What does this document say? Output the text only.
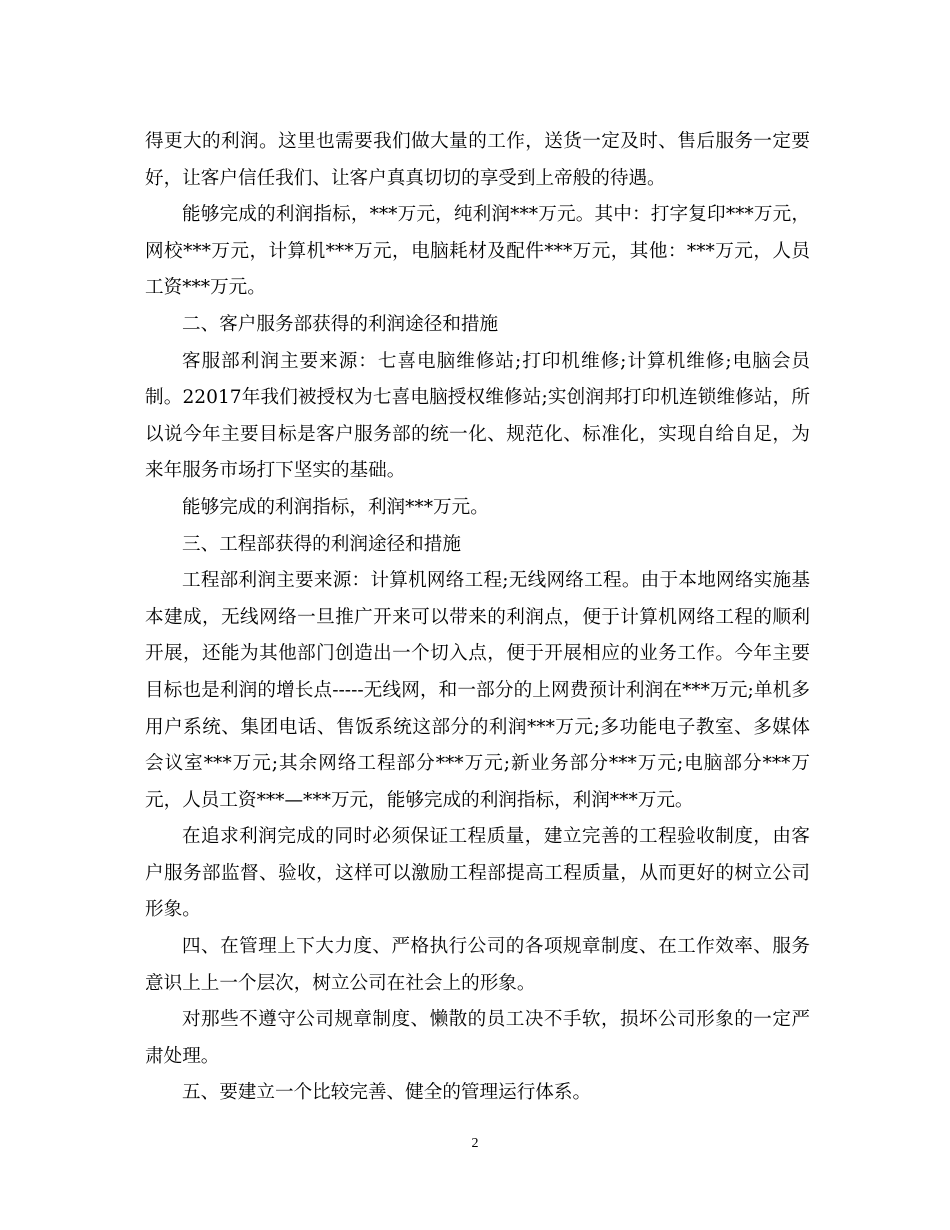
得更大的利润。这里也需要我们做大量的工作，送货一定及时、售后服务一定要好，让客户信任我们、让客户真真切切的享受到上帝般的待遇。

能够完成的利润指标，***万元，纯利润***万元。其中：打字复印***万元，网校***万元，计算机***万元，电脑耗材及配件***万元，其他：***万元，人员工资***万元。

二、客户服务部获得的利润途径和措施

客服部利润主要来源：七喜电脑维修站;打印机维修;计算机维修;电脑会员制。22017年我们被授权为七喜电脑授权维修站;实创润邦打印机连锁维修站，所以说今年主要目标是客户服务部的统一化、规范化、标准化，实现自给自足，为来年服务市场打下坚实的基础。

能够完成的利润指标，利润***万元。

三、工程部获得的利润途径和措施

工程部利润主要来源：计算机网络工程;无线网络工程。由于本地网络实施基本建成，无线网络一旦推广开来可以带来的利润点，便于计算机网络工程的顺利开展，还能为其他部门创造出一个切入点，便于开展相应的业务工作。今年主要目标也是利润的增长点-----无线网，和一部分的上网费预计利润在***万元;单机多用户系统、集团电话、售饭系统这部分的利润***万元;多功能电子教室、多媒体会议室***万元;其余网络工程部分***万元;新业务部分***万元;电脑部分***万元，人员工资***—***万元，能够完成的利润指标，利润***万元。

在追求利润完成的同时必须保证工程质量，建立完善的工程验收制度，由客户服务部监督、验收，这样可以激励工程部提高工程质量，从而更好的树立公司形象。

四、在管理上下大力度、严格执行公司的各项规章制度、在工作效率、服务意识上上一个层次，树立公司在社会上的形象。

对那些不遵守公司规章制度、懒散的员工决不手软，损坏公司形象的一定严肃处理。

五、要建立一个比较完善、健全的管理运行体系。

2
